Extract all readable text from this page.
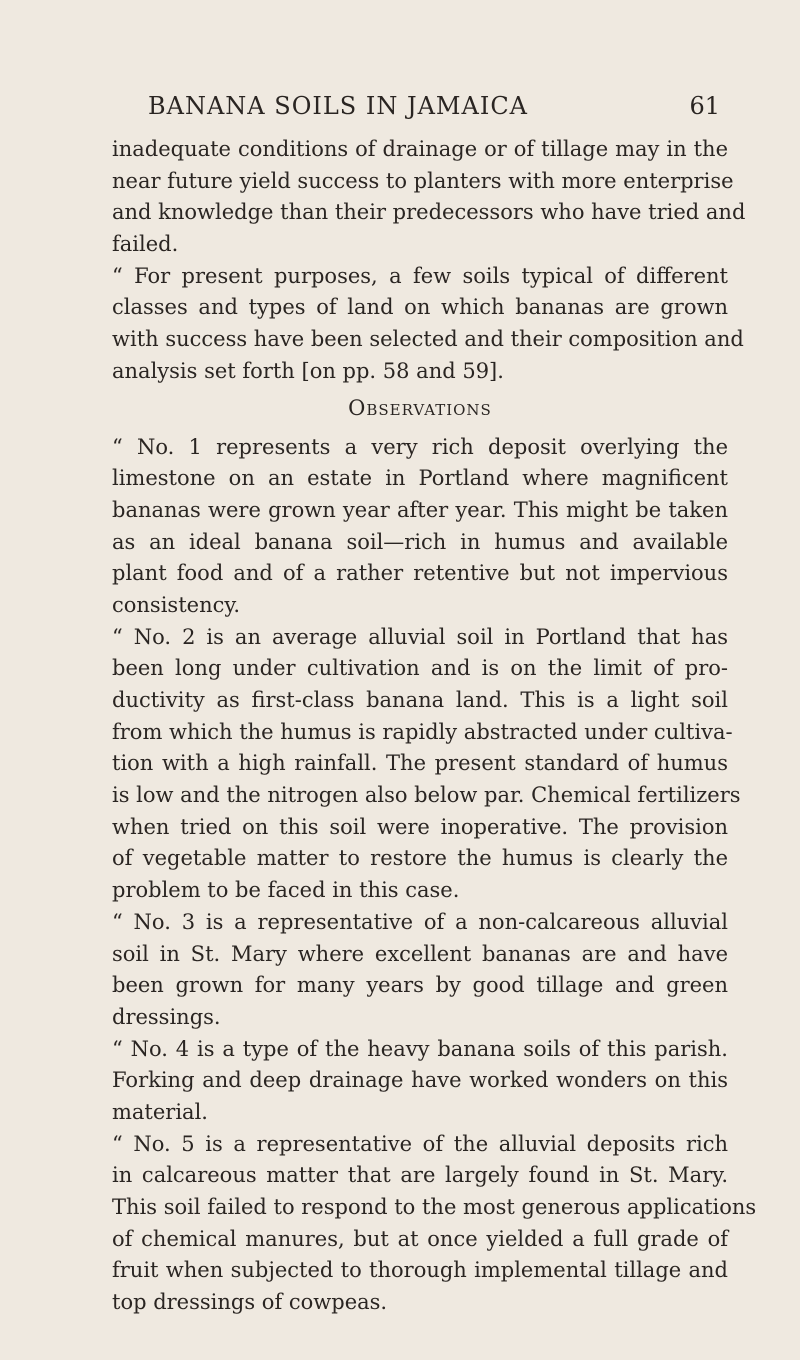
BANANA SOILS IN JAMAICA	61
inadequate conditions of drainage or of tillage may in the
near future yield success to planters with more enterprise
and knowledge than their predecessors who have tried and
failed.
“ For present purposes, a few soils typical of different
classes and types of land on which bananas are grown
with success have been selected and their composition and
analysis set forth [on pp. 58 and 59].
Observations
“ No. 1 represents a very rich deposit overlying the
limestone on an estate in Portland where magnificent
bananas were grown year after year. This might be taken
as an ideal banana soil—rich in humus and available
plant food and of a rather retentive but not impervious
consistency.
“ No. 2 is an average alluvial soil in Portland that has
been long under cultivation and is on the limit of pro-
ductivity as first-class banana land. This is a light soil
from which the humus is rapidly abstracted under cultiva-
tion with a high rainfall. The present standard of humus
is low and the nitrogen also below par. Chemical fertilizers
when tried on this soil were inoperative. The provision
of vegetable matter to restore the humus is clearly the
problem to be faced in this case.
“ No. 3 is a representative of a non-calcareous alluvial
soil in St. Mary where excellent bananas are and have
been grown for many years by good tillage and green
dressings.
“ No. 4 is a type of the heavy banana soils of this parish.
Forking and deep drainage have worked wonders on this
material.
“ No. 5 is a representative of the alluvial deposits rich
in calcareous matter that are largely found in St. Mary.
This soil failed to respond to the most generous applications
of chemical manures, but at once yielded a full grade of
fruit when subjected to thorough implemental tillage and
top dressings of cowpeas.
